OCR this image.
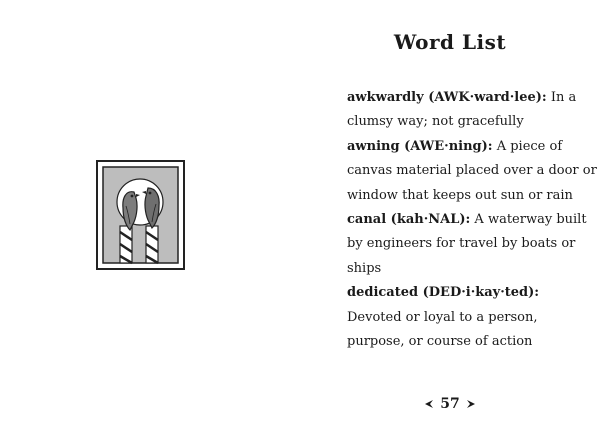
Word List

awkwardly (AWK·ward·lee): In a clumsy way; not gracefully

awning (AWE·ning): A piece of canvas material placed over a door or window that keeps out sun or rain

canal (kah·NAL): A waterway built by engineers for travel by boats or ships

dedicated (DED·i·kay·ted): Devoted or loyal to a person, purpose, or course of action

57
